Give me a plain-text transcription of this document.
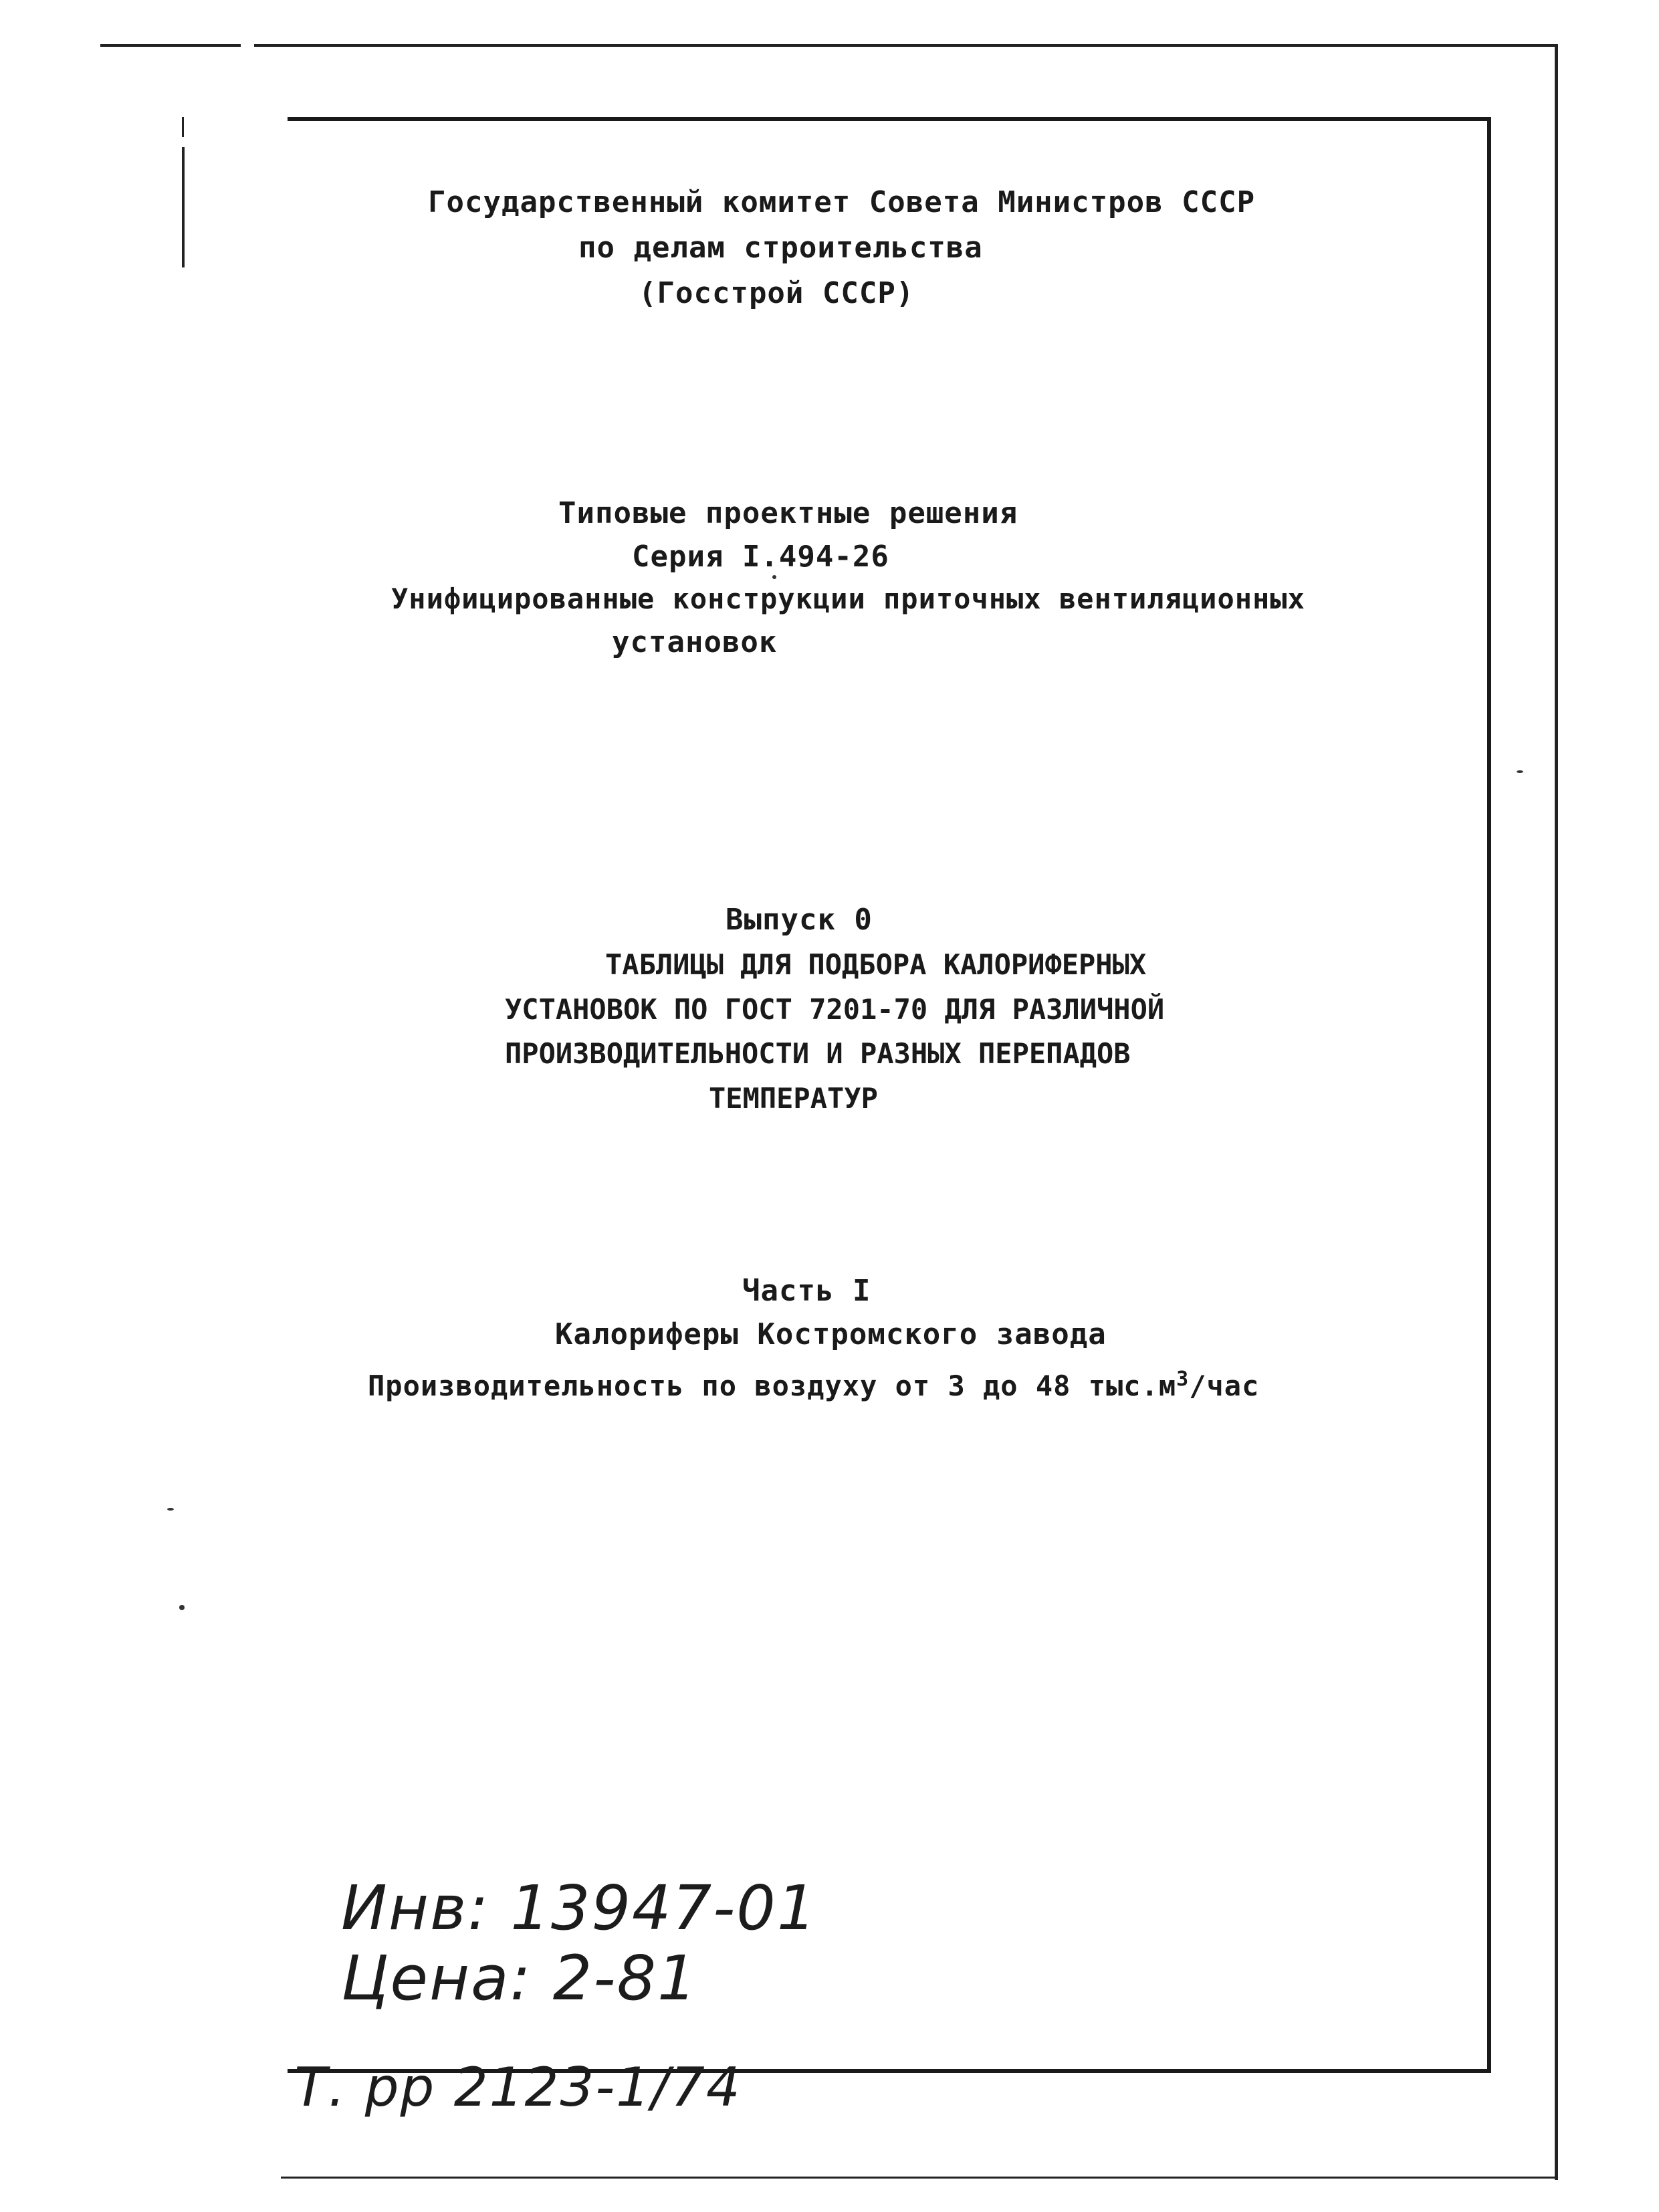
Государственный комитет Совета Министров СССР
по делам строительства
(Госстрой СССР)
Типовые проектные решения
Серия I.494-26
Унифицированные конструкции приточных вентиляционных
установок
Выпуск 0
ТАБЛИЦЫ ДЛЯ ПОДБОРА КАЛОРИФЕРНЫХ
УСТАНОВОК ПО ГОСТ 7201-70 ДЛЯ РАЗЛИЧНОЙ
ПРОИЗВОДИТЕЛЬНОСТИ И РАЗНЫХ ПЕРЕПАДОВ
ТЕМПЕРАТУР
Часть I
Калориферы Костромского завода
Производительность по воздуху от 3 до 48 $тыс.м^3$/час
Инв: 13947-01
Цена: 2-81
Т. рр 2123-1/74
